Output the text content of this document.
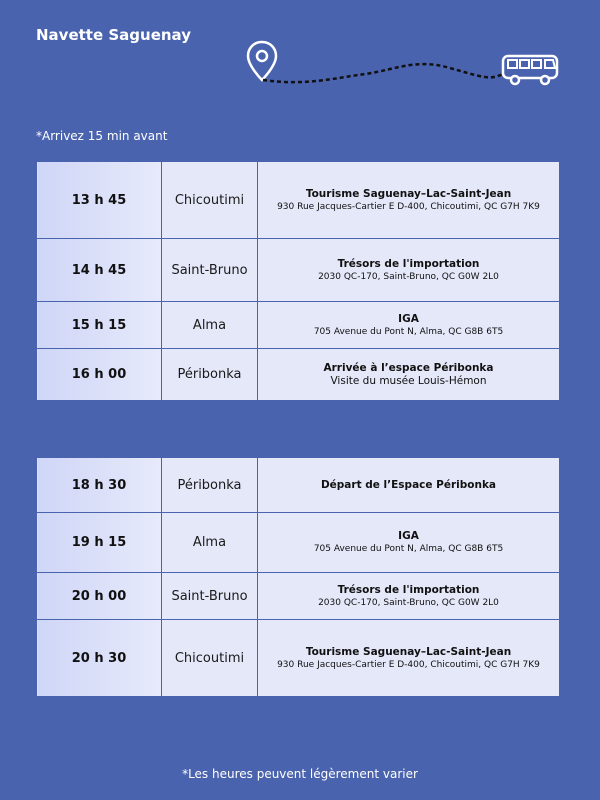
Navette Saguenay
*Arrivez 15 min avant
13 h 45	Chicoutimi	Tourisme Saguenay–Lac-Saint-Jean
930 Rue Jacques-Cartier E D-400, Chicoutimi, QC G7H 7K9

14 h 45	Saint-Bruno	Trésors de l'importation
2030 QC-170, Saint-Bruno, QC G0W 2L0

15 h 15	Alma	IGA
705 Avenue du Pont N, Alma, QC G8B 6T5

16 h 00	Péribonka	Arrivée à l’espace Péribonka
Visite du musée Louis-Hémon
18 h 30	Péribonka	Départ de l’Espace Péribonka

19 h 15	Alma	IGA
705 Avenue du Pont N, Alma, QC G8B 6T5

20 h 00	Saint-Bruno	Trésors de l'importation
2030 QC-170, Saint-Bruno, QC G0W 2L0

20 h 30	Chicoutimi	Tourisme Saguenay–Lac-Saint-Jean
930 Rue Jacques-Cartier E D-400, Chicoutimi, QC G7H 7K9
*Les heures peuvent légèrement varier
